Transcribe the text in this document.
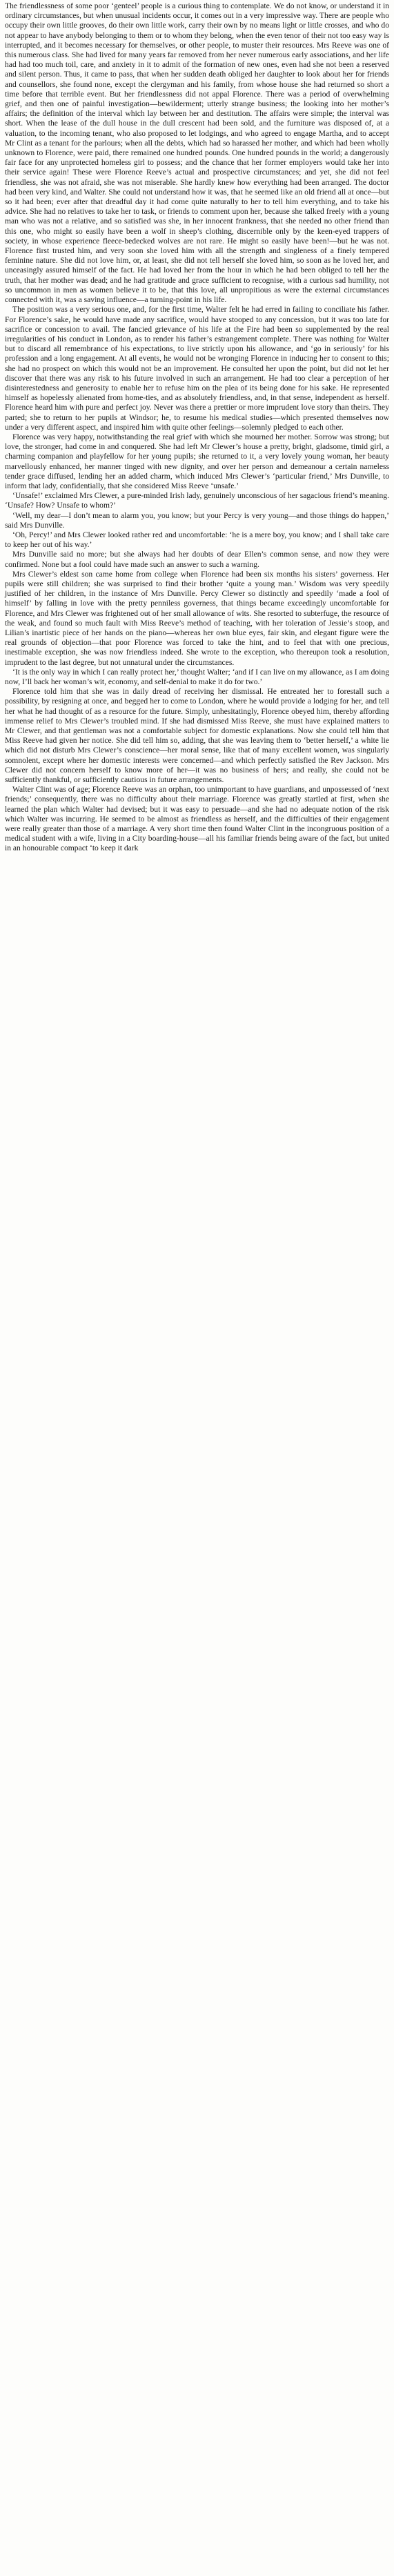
The friendlessness of some poor ‘genteel’ people is a curious thing to contemplate. We do not know, or understand it in ordinary circumstances, but when unusual incidents occur, it comes out in a very impressive way. There are people who occupy their own little grooves, do their own little work, carry their own by no means light or little crosses, and who do not appear to have anybody belonging to them or to whom they belong, when the even tenor of their not too easy way is interrupted, and it becomes necessary for themselves, or other people, to muster their resources. Mrs Reeve was one of this numerous class. She had lived for many years far removed from her never numerous early associations, and her life had had too much toil, care, and anxiety in it to admit of the formation of new ones, even had she not been a reserved and silent person. Thus, it came to pass, that when her sudden death obliged her daughter to look about her for friends and counsellors, she found none, except the clergyman and his family, from whose house she had returned so short a time before that terrible event. But her friendlessness did not appal Florence. There was a period of overwhelming grief, and then one of painful investigation—bewilderment; utterly strange business; the looking into her mother’s affairs; the definition of the interval which lay between her and destitution. The affairs were simple; the interval was short. When the lease of the dull house in the dull crescent had been sold, and the furniture was disposed of, at a valuation, to the incoming tenant, who also proposed to let lodgings, and who agreed to engage Martha, and to accept Mr Clint as a tenant for the parlours; when all the debts, which had so harassed her mother, and which had been wholly unknown to Florence, were paid, there remained one hundred pounds. One hundred pounds in the world; a dangerously fair face for any unprotected homeless girl to possess; and the chance that her former employers would take her into their service again! These were Florence Reeve’s actual and prospective circumstances; and yet, she did not feel friendless, she was not afraid, she was not miserable. She hardly knew how everything had been arranged. The doctor had been very kind, and Walter. She could not understand how it was, that he seemed like an old friend all at once—but so it had been; ever after that dreadful day it had come quite naturally to her to tell him everything, and to take his advice. She had no relatives to take her to task, or friends to comment upon her, because she talked freely with a young man who was not a relative, and so satisfied was she, in her innocent frankness, that she needed no other friend than this one, who might so easily have been a wolf in sheep’s clothing, discernible only by the keen-eyed trappers of society, in whose experience fleece-bedecked wolves are not rare. He might so easily have been!—but he was not. Florence first trusted him, and very soon she loved him with all the strength and singleness of a finely tempered feminine nature. She did not love him, or, at least, she did not tell herself she loved him, so soon as he loved her, and unceasingly assured himself of the fact. He had loved her from the hour in which he had been obliged to tell her the truth, that her mother was dead; and he had gratitude and grace sufficient to recognise, with a curious sad humility, not so uncommon in men as women believe it to be, that this love, all unpropitious as were the external circumstances connected with it, was a saving influence—a turning-point in his life.

The position was a very serious one, and, for the first time, Walter felt he had erred in failing to conciliate his father. For Florence’s sake, he would have made any sacrifice, would have stooped to any concession, but it was too late for sacrifice or concession to avail. The fancied grievance of his life at the Fire had been so supplemented by the real irregularities of his conduct in London, as to render his father’s estrangement complete. There was nothing for Walter but to discard all remembrance of his expectations, to live strictly upon his allowance, and ‘go in seriously’ for his profession and a long engagement. At all events, he would not be wronging Florence in inducing her to consent to this; she had no prospect on which this would not be an improvement. He consulted her upon the point, but did not let her discover that there was any risk to his future involved in such an arrangement. He had too clear a perception of her disinterestedness and generosity to enable her to refuse him on the plea of its being done for his sake. He represented himself as hopelessly alienated from home-ties, and as absolutely friendless, and, in that sense, independent as herself. Florence heard him with pure and perfect joy. Never was there a prettier or more imprudent love story than theirs. They parted; she to return to her pupils at Windsor; he, to resume his medical studies—which presented themselves now under a very different aspect, and inspired him with quite other feelings—solemnly pledged to each other.

Florence was very happy, notwithstanding the real grief with which she mourned her mother. Sorrow was strong; but love, the stronger, had come in and conquered. She had left Mr Clewer’s house a pretty, bright, gladsome, timid girl, a charming companion and playfellow for her young pupils; she returned to it, a very lovely young woman, her beauty marvellously enhanced, her manner tinged with new dignity, and over her person and demeanour a certain nameless tender grace diffused, lending her an added charm, which induced Mrs Clewer’s ‘particular friend,’ Mrs Dunville, to inform that lady, confidentially, that she considered Miss Reeve ‘unsafe.’

‘Unsafe!’ exclaimed Mrs Clewer, a pure-minded Irish lady, genuinely unconscious of her sagacious friend’s meaning. ‘Unsafe? How? Unsafe to whom?’

‘Well, my dear—I don’t mean to alarm you, you know; but your Percy is very young—and those things do happen,’ said Mrs Dunville.

‘Oh, Percy!’ and Mrs Clewer looked rather red and uncomfortable: ‘he is a mere boy, you know; and I shall take care to keep her out of his way.’

Mrs Dunville said no more; but she always had her doubts of dear Ellen’s common sense, and now they were confirmed. None but a fool could have made such an answer to such a warning.

Mrs Clewer’s eldest son came home from college when Florence had been six months his sisters’ governess. Her pupils were still children; she was surprised to find their brother ‘quite a young man.’ Wisdom was very speedily justified of her children, in the instance of Mrs Dunville. Percy Clewer so distinctly and speedily ‘made a fool of himself’ by falling in love with the pretty penniless governess, that things became exceedingly uncomfortable for Florence, and Mrs Clewer was frightened out of her small allowance of wits. She resorted to subterfuge, the resource of the weak, and found so much fault with Miss Reeve’s method of teaching, with her toleration of Jessie’s stoop, and Lilian’s inartistic piece of her hands on the piano—whereas her own blue eyes, fair skin, and elegant figure were the real grounds of objection—that poor Florence was forced to take the hint, and to feel that with one precious, inestimable exception, she was now friendless indeed. She wrote to the exception, who thereupon took a resolution, imprudent to the last degree, but not unnatural under the circumstances.

‘It is the only way in which I can really protect her,’ thought Walter; ‘and if I can live on my allowance, as I am doing now, I’ll back her woman’s wit, economy, and self-denial to make it do for two.’

Florence told him that she was in daily dread of receiving her dismissal. He entreated her to forestall such a possibility, by resigning at once, and begged her to come to London, where he would provide a lodging for her, and tell her what he had thought of as a resource for the future. Simply, unhesitatingly, Florence obeyed him, thereby affording immense relief to Mrs Clewer’s troubled mind. If she had dismissed Miss Reeve, she must have explained matters to Mr Clewer, and that gentleman was not a comfortable subject for domestic explanations. Now she could tell him that Miss Reeve had given her notice. She did tell him so, adding, that she was leaving them to ‘better herself,’ a white lie which did not disturb Mrs Clewer’s conscience—her moral sense, like that of many excellent women, was singularly somnolent, except where her domestic interests were concerned—and which perfectly satisfied the Rev Jackson. Mrs Clewer did not concern herself to know more of her—it was no business of hers; and really, she could not be sufficiently thankful, or sufficiently cautious in future arrangements.

Walter Clint was of age; Florence Reeve was an orphan, too unimportant to have guardians, and unpossessed of ‘next friends;’ consequently, there was no difficulty about their marriage. Florence was greatly startled at first, when she learned the plan which Walter had devised; but it was easy to persuade—and she had no adequate notion of the risk which Walter was incurring. He seemed to be almost as friendless as herself, and the difficulties of their engagement were really greater than those of a marriage. A very short time then found Walter Clint in the incongruous position of a medical student with a wife, living in a City boarding-house—all his familiar friends being aware of the fact, but united in an honourable compact ‘to keep it dark
